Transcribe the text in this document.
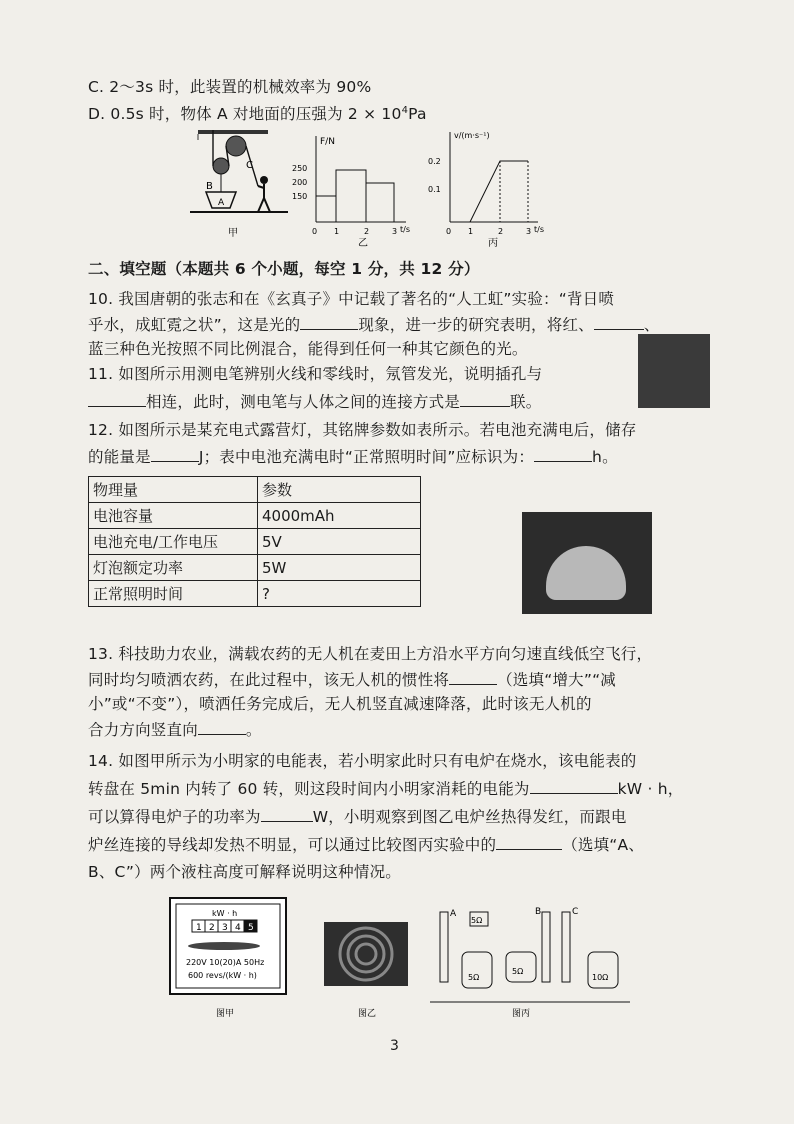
C. 2～3s 时，此装置的机械效率为 90%
D. 0.5s 时，物体 A 对地面的压强为 $2 \times 10^4Pa$
B
C
A
甲
F/N
250
200
150
0 1	2	3 t/s
乙
v/(m·s⁻¹)
0.2
0.1
0 1	2	3 t/s
丙
二、填空题（本题共 6 个小题，每空 1 分，共 12 分）
10. 我国唐朝的张志和在《玄真子》中记载了著名的“人工虹”实验：“背日喷
乎水，成虹霓之状”，这是光的	现象，进一步的研究表明，将红、	、
蓝三种色光按照不同比例混合，能得到任何一种其它颜色的光。
11. 如图所示用测电笔辨别火线和零线时，氖管发光，说明插孔与
相连，此时，测电笔与人体之间的连接方式是	联。
12. 如图所示是某充电式露营灯，其铭牌参数如表所示。若电池充满电后，储存
的能量是	J；表中电池充满电时“正常照明时间”应标识为：	h。
物理量	参数
电池容量	4000mAh
电池充电/工作电压	5V
灯泡额定功率	5W
正常照明时间	?
13. 科技助力农业，满载农药的无人机在麦田上方沿水平方向匀速直线低空飞行，
同时均匀喷洒农药，在此过程中，该无人机的惯性将	（选填“增大”“减
小”或“不变”），喷洒任务完成后，无人机竖直减速降落，此时该无人机的
合力方向竖直向	。
14. 如图甲所示为小明家的电能表，若小明家此时只有电炉在烧水，该电能表的
转盘在 5min 内转了 60 转，则这段时间内小明家消耗的电能为	kW · h，
可以算得电炉子的功率为	W，小明观察到图乙电炉丝热得发红，而跟电
炉丝连接的导线却发热不明显，可以通过比较图丙实验中的	（选填“A、
B、C”）两个液柱高度可解释说明这种情况。
kW · h
1 2 3 4 5
220V 10(20)A 50Hz
600 revs/(kW · h)
图甲	图乙
A	B	C
5Ω
5Ω
5Ω
10Ω
图丙
3
